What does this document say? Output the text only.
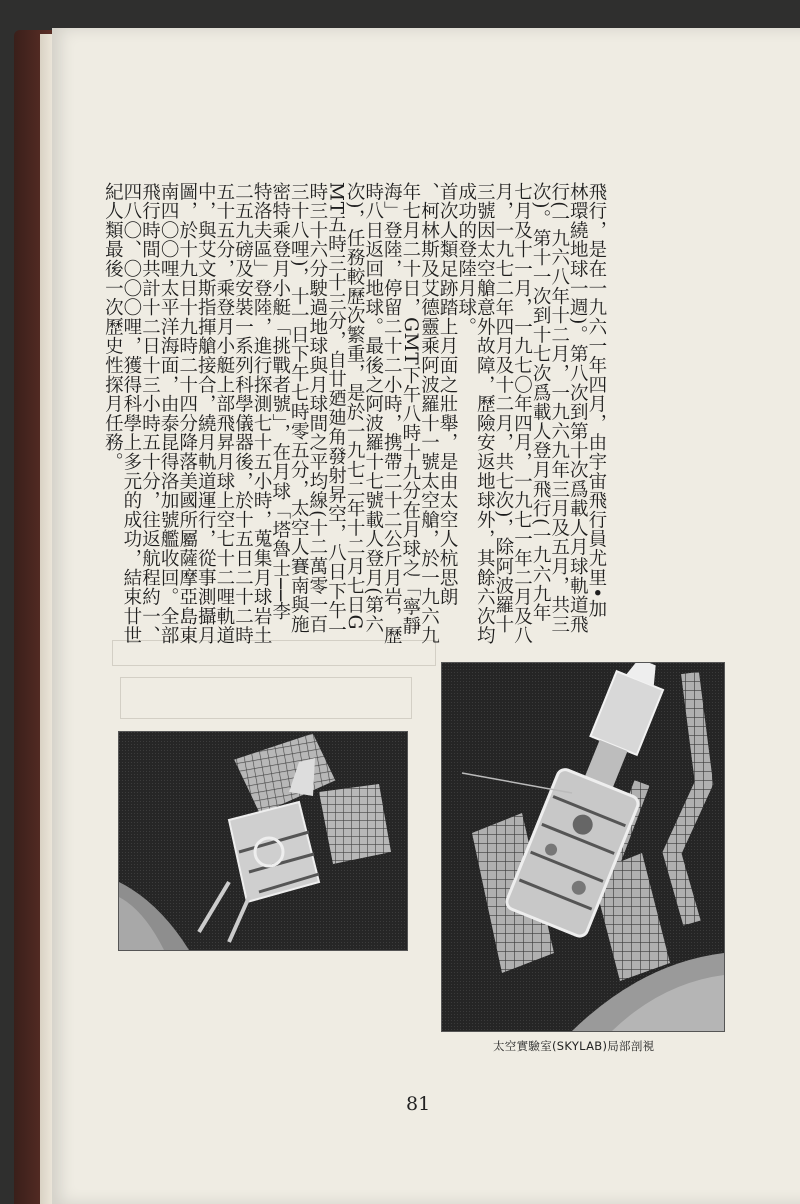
飛行，是在一九六一年四月，由宇宙飛行員尤里•加
林環繞地球一週)。第八次到第十次爲載人月球軌道飛
行(一九六八年十二月，一九六九年三月及五月，共三
次)。第十一次到十七次爲載人登月飛行(一九六九年
七月及十一月，一九七〇年四月，一九七一年二月及八
月，一九七二年四月及十二月，共七次)，除阿波羅十
三號因太空艙意外故障，歷險安返地球外，其餘六次均
成功的登陸月球。
首次人類足跡踏上月面之壯舉，是由太空人杭思朗
、柯林斯及艾德靈乘阿波羅十一號太空艙，於一九六九
年七月二十日，GMT下午八時十九分在月球之「寧靜
海」登陸，停留二十二小時，携帶二十二公斤月岩，歷
時八日返回地球。最後之阿波羅十七號載人登月(第六
次)，任務較歷次繁重，是於一九七二年十二月七日G
MT五時三十三分，自廿廼廸角發射昇空，八日下午一
時三十六分駛過地球與月球間之平均線(十二萬零一百
三十八哩)，十一日下午七時零五分，太空人賽南與施
密特乘登月小艇「挑戰者號」，在月球「塔魯士──李
特洛夫區」登陸，進行探測七十五小時，蒐集月球岩土
二五九磅及安裝一系列科學儀器後，於十五日二十二時
五十五分，乘登月小艇上部飛昇月球上空七十二哩軌道
中，與艾文斯指揮艙接合，繞月軌道運行，從事測攝月
圖，於十九日十九時二十四分降落美國所屬薩摩亞島東
南四〇〇哩太平洋海面，由泰昆得洛加號艦收回。全部
飛行時間共計十二日十三小時五十分，往返航程約一、
四八〇、〇〇〇哩，獲得科學上多元的成功，結束廿世
紀人類最後一次歷史性探月任務。
太空實驗室(SKYLAB)局部剖視
81
